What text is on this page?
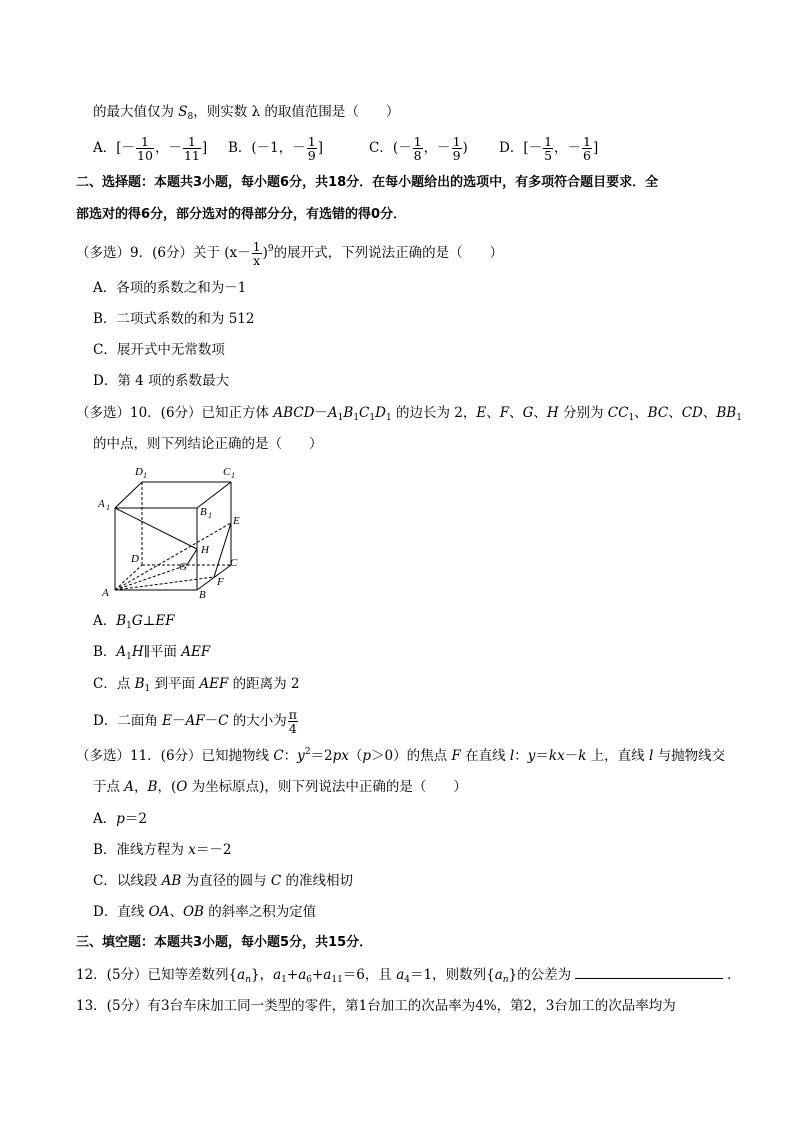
的最大值仅为 $S_8$，则实数 λ 的取值范围是（　　）
A．[－ $\frac{1}{10}$ ，－ $\frac{1}{11}$ ] B．(－1，－ $\frac{1}{9}$ ]	C．(－ $\frac{1}{8}$ ，－ $\frac{1}{9}$ ) D．[－ $\frac{1}{5}$ ，－ $\frac{1}{6}$ ]
二、选择题：本题共3小题，每小题6分，共18分．在每小题给出的选项中，有多项符合题目要求．全
部选对的得6分，部分选对的得部分分，有选错的得0分．
（多选）9．(6分）关于 $(x- \frac{1}{x} )^9$的展开式，下列说法正确的是（　　）
A．各项的系数之和为－1
B．二项式系数的和为 512
C．展开式中无常数项
D．第 4 项的系数最大
（多选）10．(6分）已知正方体 $ABCD-A_1B_1C_1D_1$ 的边长为 2，E、F、G、H 分别为 $CC_1$、BC、CD、$BB_1$
的中点，则下列结论正确的是（　　）
D 1	C 1
A 1	B 1 E
H
D
G	C
F
A	B
A．$B_1G\perp EF$
B．$A_1H\parallel$平面 AEF
C．点 $B_1$ 到平面 AEF 的距离为 2
D．二面角 E－AF－C 的大小为 $\frac{\pi}{4}$
（多选）11．(6分）已知抛物线 C：$y^2=2px(p>0)$的焦点 F 在直线 l：y＝kx－k 上，直线 l 与抛物线交
于点 A，B，(O 为坐标原点)，则下列说法中正确的是（　　）
A．p＝2
B．准线方程为 x＝－2
C．以线段 AB 为直径的圆与 C 的准线相切
D．直线 OA、OB 的斜率之积为定值
三、填空题：本题共3小题，每小题5分，共15分．
12．(5分）已知等差数列$\{a_n\}$，$a_1+a_6+a_{11}=6$，且 $a_4=1$，则数列$\{a_n\}$的公差为	．
13．(5分）有3台车床加工同一类型的零件，第1台加工的次品率为4%，第2，3台加工的次品率均为
